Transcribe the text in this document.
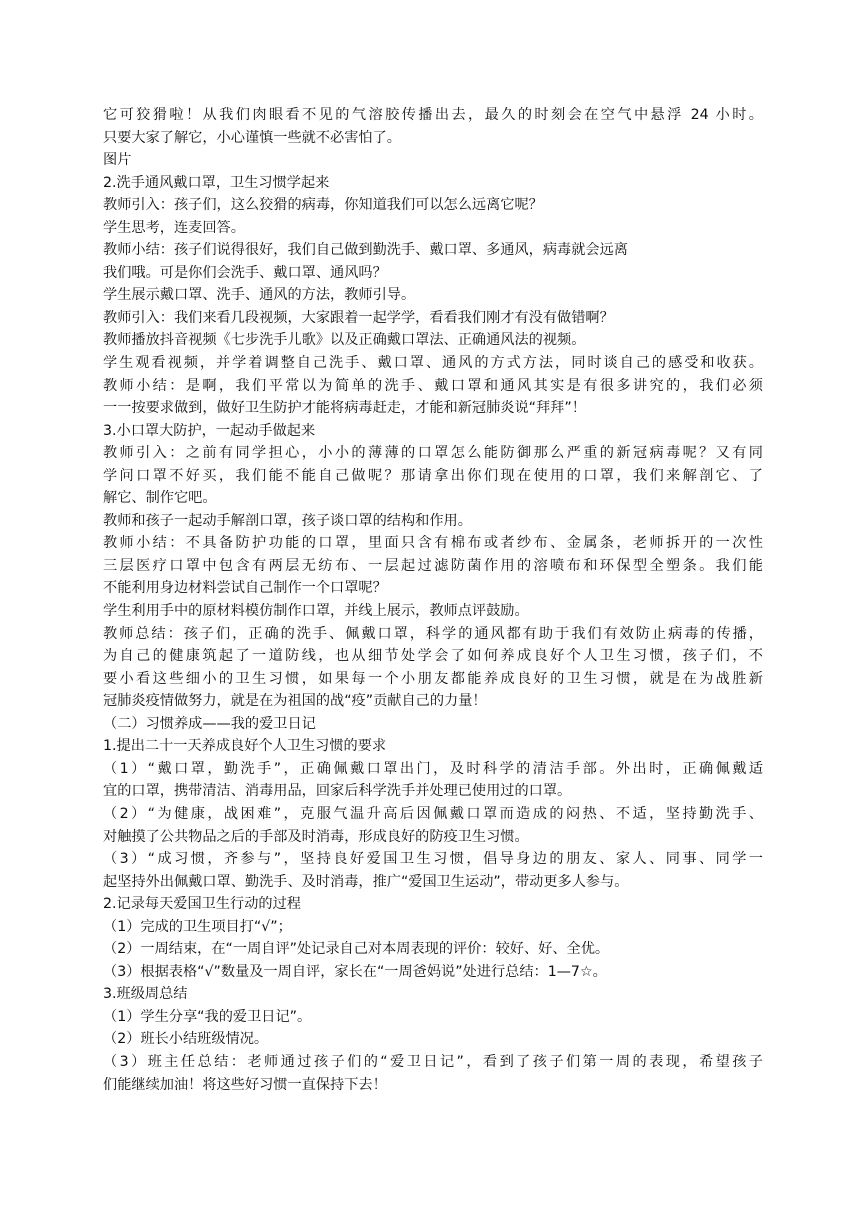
它可狡猾啦！从我们肉眼看不见的气溶胶传播出去，最久的时刻会在空气中悬浮 24 小时。
只要大家了解它，小心谨慎一些就不必害怕了。
图片
2.洗手通风戴口罩，卫生习惯学起来
教师引入：孩子们，这么狡猾的病毒，你知道我们可以怎么远离它呢？
学生思考，连麦回答。
教师小结：孩子们说得很好，我们自己做到勤洗手、戴口罩、多通风，病毒就会远离
我们哦。可是你们会洗手、戴口罩、通风吗？
学生展示戴口罩、洗手、通风的方法，教师引导。
教师引入：我们来看几段视频，大家跟着一起学学，看看我们刚才有没有做错啊？
教师播放抖音视频《七步洗手儿歌》以及正确戴口罩法、正确通风法的视频。
学生观看视频，并学着调整自己洗手、戴口罩、通风的方式方法，同时谈自己的感受和收获。
教师小结：是啊，我们平常以为简单的洗手、戴口罩和通风其实是有很多讲究的，我们必须
一一按要求做到，做好卫生防护才能将病毒赶走，才能和新冠肺炎说“拜拜”！
3.小口罩大防护，一起动手做起来
教师引入：之前有同学担心，小小的薄薄的口罩怎么能防御那么严重的新冠病毒呢？又有同
学问口罩不好买，我们能不能自己做呢？那请拿出你们现在使用的口罩，我们来解剖它、了
解它、制作它吧。
教师和孩子一起动手解剖口罩，孩子谈口罩的结构和作用。
教师小结：不具备防护功能的口罩，里面只含有棉布或者纱布、金属条，老师拆开的一次性
三层医疗口罩中包含有两层无纺布、一层起过滤防菌作用的溶喷布和环保型全塑条。我们能
不能利用身边材料尝试自己制作一个口罩呢？
学生利用手中的原材料模仿制作口罩，并线上展示，教师点评鼓励。
教师总结：孩子们，正确的洗手、佩戴口罩，科学的通风都有助于我们有效防止病毒的传播，
为自己的健康筑起了一道防线，也从细节处学会了如何养成良好个人卫生习惯，孩子们，不
要小看这些细小的卫生习惯，如果每一个小朋友都能养成良好的卫生习惯，就是在为战胜新
冠肺炎疫情做努力，就是在为祖国的战“疫”贡献自己的力量！
（二）习惯养成——我的爱卫日记
1.提出二十一天养成良好个人卫生习惯的要求
（1）“戴口罩，勤洗手”，正确佩戴口罩出门，及时科学的清洁手部。外出时，正确佩戴适
宜的口罩，携带清洁、消毒用品，回家后科学洗手并处理已使用过的口罩。
（2）“为健康，战困难”，克服气温升高后因佩戴口罩而造成的闷热、不适，坚持勤洗手、
对触摸了公共物品之后的手部及时消毒，形成良好的防疫卫生习惯。
（3）“成习惯，齐参与”，坚持良好爱国卫生习惯，倡导身边的朋友、家人、同事、同学一
起坚持外出佩戴口罩、勤洗手、及时消毒，推广“爱国卫生运动”，带动更多人参与。
2.记录每天爱国卫生行动的过程
（1）完成的卫生项目打“√”；
（2）一周结束，在“一周自评”处记录自己对本周表现的评价：较好、好、全优。
（3）根据表格“√”数量及一周自评，家长在“一周爸妈说”处进行总结：1—7☆。
3.班级周总结
（1）学生分享“我的爱卫日记”。
（2）班长小结班级情况。
（3）班主任总结：老师通过孩子们的“爱卫日记”，看到了孩子们第一周的表现，希望孩子
们能继续加油！将这些好习惯一直保持下去！
